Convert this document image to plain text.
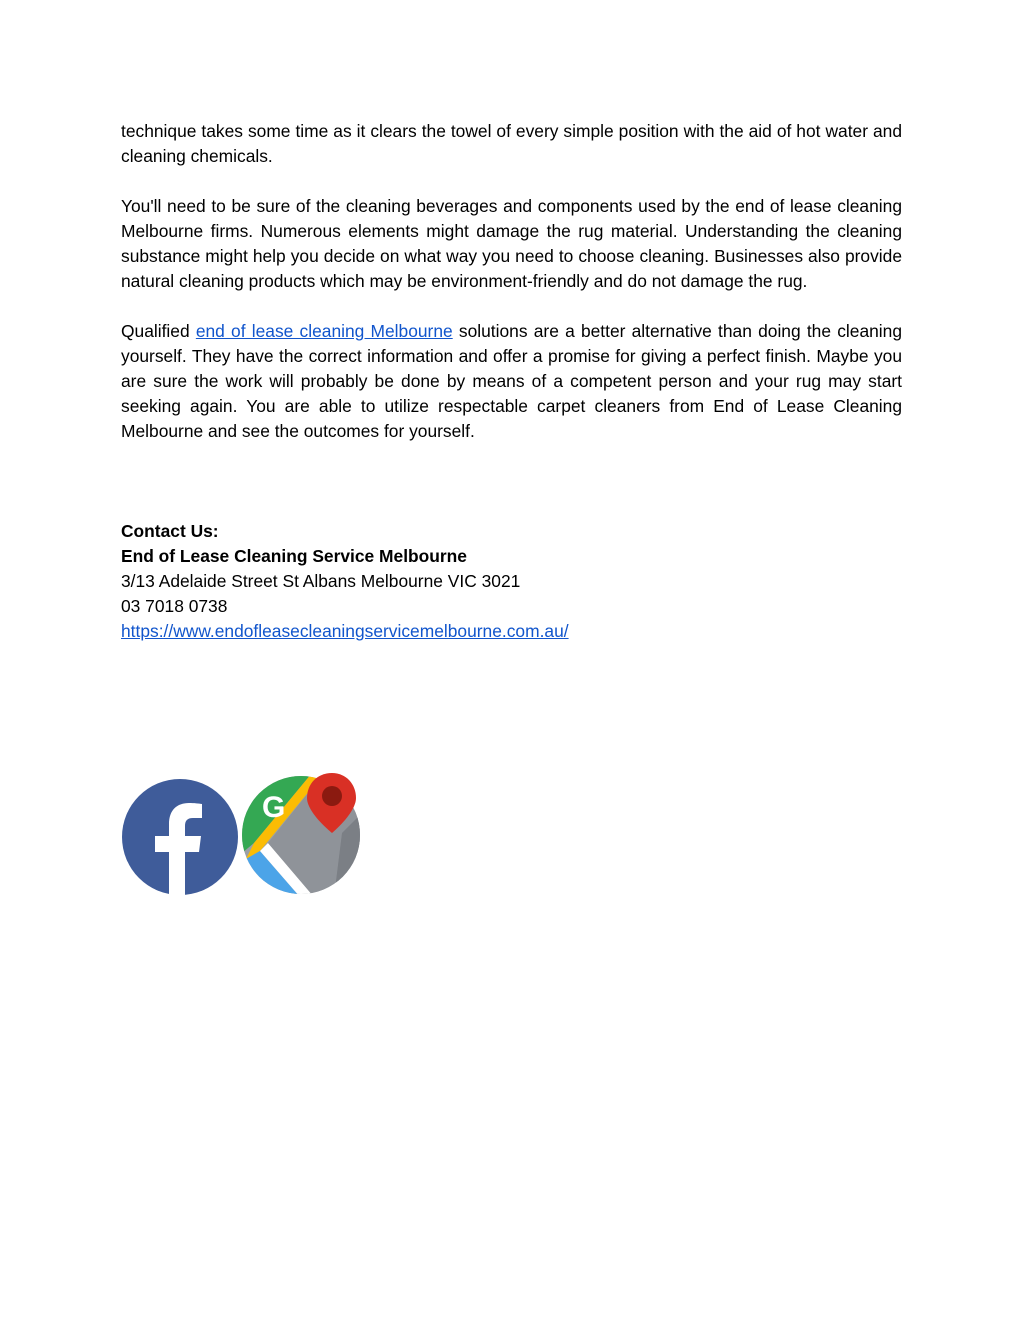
technique takes some time as it clears the towel of every simple position with the aid of hot water and cleaning chemicals.

You'll need to be sure of the cleaning beverages and components used by the end of lease cleaning Melbourne firms. Numerous elements might damage the rug material. Understanding the cleaning substance might help you decide on what way you need to choose cleaning. Businesses also provide natural cleaning products which may be environment-friendly and do not damage the rug.

Qualified end of lease cleaning Melbourne solutions are a better alternative than doing the cleaning yourself. They have the correct information and offer a promise for giving a perfect finish. Maybe you are sure the work will probably be done by means of a competent person and your rug may start seeking again. You are able to utilize respectable carpet cleaners from End of Lease Cleaning Melbourne and see the outcomes for yourself.

Contact Us:

End of Lease Cleaning Service Melbourne

3/13 Adelaide Street St Albans Melbourne VIC 3021

03 7018 0738

https://www.endofleasecleaningservicemelbourne.com.au/

G
